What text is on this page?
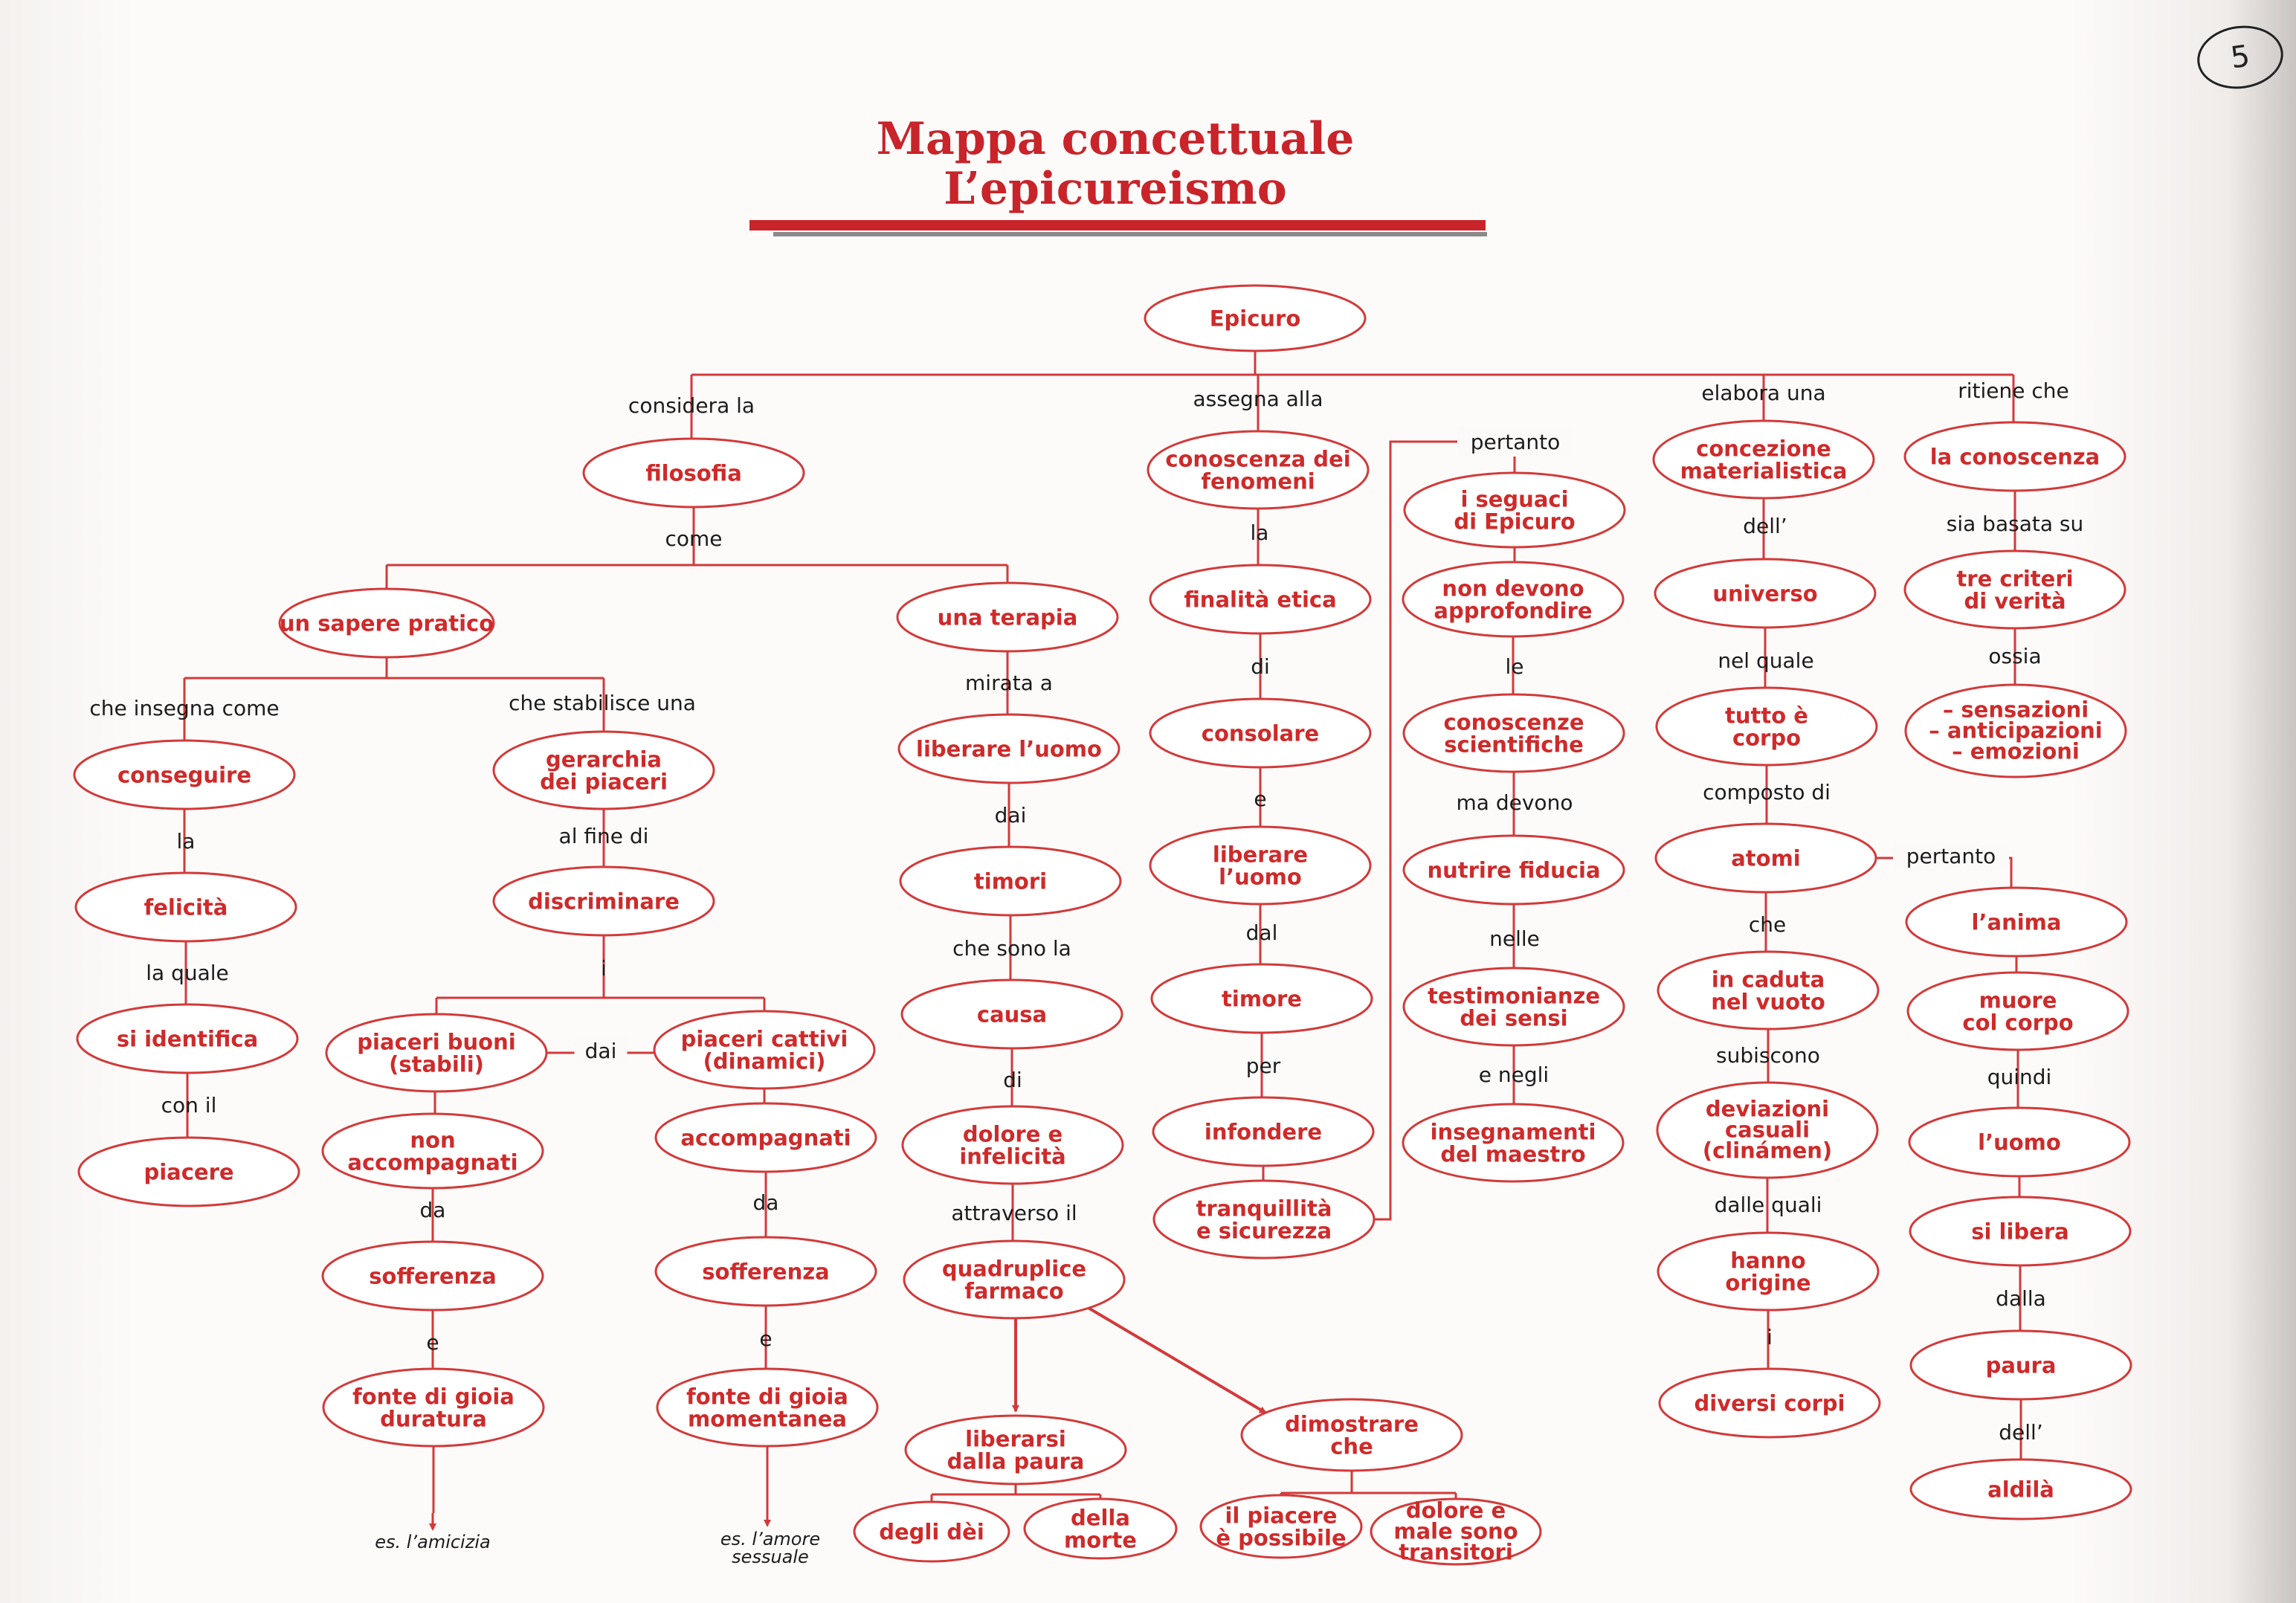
Mappa concettuale
L’epicureismo
considera la	assegna alla	elabora una	ritiene che
come
che insegna come	che stabilisce una
la
la quale
con il
al fine di
i
dai
da	da
e	e
mirata a
dai
che sono la
di
attraverso il
la
di
e
dal
per
pertanto
le
ma devono
nelle
e negli
dell’
nel quale
composto di
che
subiscono
dalle quali
i
sia basata su
ossia
pertanto
quindi
dalla
dell’
Epicuro
filosofia
un sapere pratico	una terapia
conseguire
felicità
si identifica
piacere
gerarchia
dei piaceri
discriminare
piaceri buoni
(stabili)
piaceri cattivi
(dinamici)
non
accompagnati
accompagnati
sofferenza	sofferenza
fonte di gioia
duratura
fonte di gioia
momentanea
liberare l’uomo
timori
causa
dolore e
infelicità
quadruplice
farmaco
liberarsi
dalla paura
degli dèi
della
morte
dimostrare
che
il piacere
è possibile
dolore e
male sono
transitori
conoscenza dei
fenomeni
finalità etica
consolare
liberare
l’uomo
timore
infondere
tranquillità
e sicurezza
i seguaci
di Epicuro
non devono
approfondire
conoscenze
scientifiche
nutrire fiducia
testimonianze
dei sensi
insegnamenti
del maestro
concezione
materialistica
universo
tutto è
corpo
atomi
in caduta
nel vuoto
deviazioni
casuali
(clinámen)
hanno
origine
diversi corpi
la conoscenza
tre criteri
di verità
– sensazioni
– anticipazioni
– emozioni
l’anima
muore
col corpo
l’uomo
si libera
paura
aldilà
es. l’amicizia	es. l’amore
sessuale
5
